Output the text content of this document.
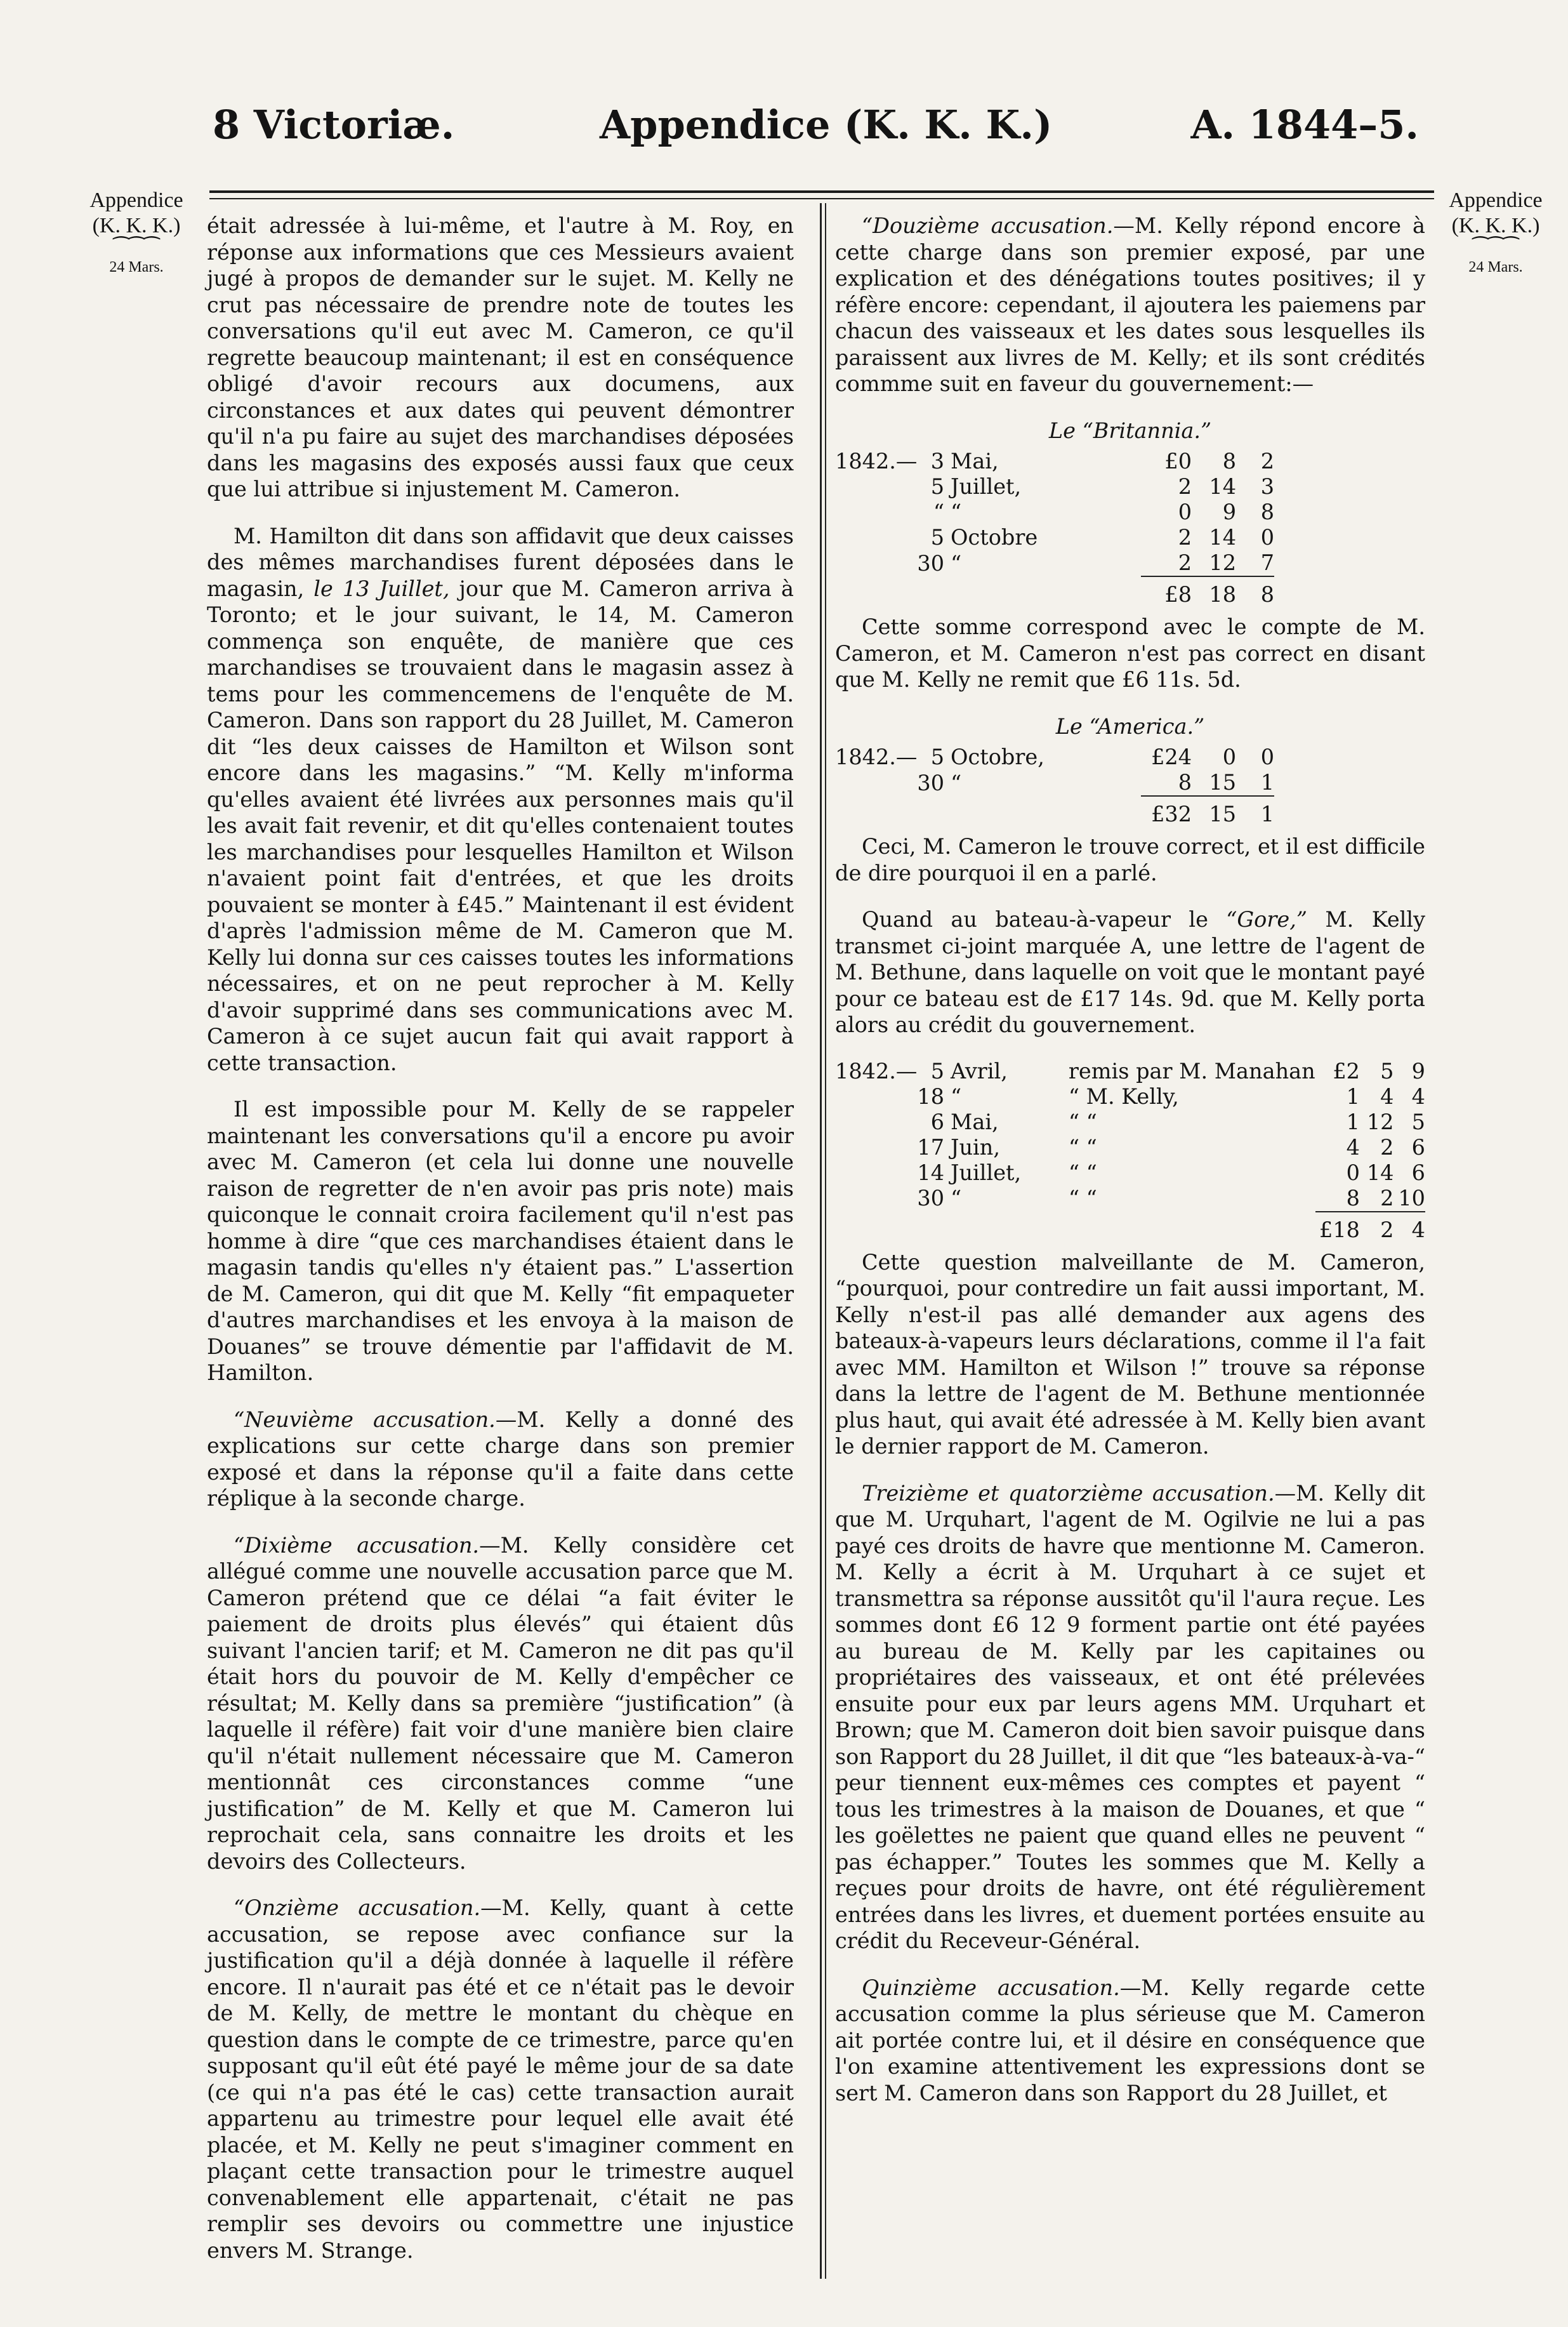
8 Victoriæ.	Appendice (K. K. K.)	A. 1844–5.
Appendice
(K. K. K.)
⁀⁀⁀
24 Mars.
Appendice
(K. K. K.)
⁀⁀⁀
24 Mars.

était adressée à lui-même, et l'autre à M. Roy, en réponse aux informations que ces Messieurs avaient jugé à propos de demander sur le sujet. M. Kelly ne crut pas nécessaire de prendre note de toutes les conversations qu'il eut avec M. Cameron, ce qu'il regrette beaucoup maintenant; il est en conséquence obligé d'avoir recours aux documens, aux circonstances et aux dates qui peuvent démontrer qu'il n'a pu faire au sujet des marchandises déposées dans les magasins des exposés aussi faux que ceux que lui attribue si injustement M. Cameron.

M. Hamilton dit dans son affidavit que deux caisses des mêmes marchandises furent déposées dans le magasin, le 13 Juillet, jour que M. Cameron arriva à Toronto; et le jour suivant, le 14, M. Cameron commença son enquête, de manière que ces marchandises se trouvaient dans le magasin assez à tems pour les commencemens de l'enquête de M. Cameron. Dans son rapport du 28 Juillet, M. Cameron dit “les deux caisses de Hamilton et Wilson sont encore dans les magasins.” “M. Kelly m'informa qu'elles avaient été livrées aux personnes mais qu'il les avait fait revenir, et dit qu'elles contenaient toutes les marchandises pour lesquelles Hamilton et Wilson n'avaient point fait d'entrées, et que les droits pouvaient se monter à £45.” Maintenant il est évident d'après l'admission même de M. Cameron que M. Kelly lui donna sur ces caisses toutes les informations nécessaires, et on ne peut reprocher à M. Kelly d'avoir supprimé dans ses communications avec M. Cameron à ce sujet aucun fait qui avait rapport à cette transaction.

Il est impossible pour M. Kelly de se rappeler maintenant les conversations qu'il a encore pu avoir avec M. Cameron (et cela lui donne une nouvelle raison de regretter de n'en avoir pas pris note) mais quiconque le connait croira facilement qu'il n'est pas homme à dire “que ces marchandises étaient dans le magasin tandis qu'elles n'y étaient pas.” L'assertion de M. Cameron, qui dit que M. Kelly “fit empaqueter d'autres marchandises et les envoya à la maison de Douanes” se trouve démentie par l'affidavit de M. Hamilton.

“Neuvième accusation.—M. Kelly a donné des explications sur cette charge dans son premier exposé et dans la réponse qu'il a faite dans cette réplique à la seconde charge.

“Dixième accusation.—M. Kelly considère cet allégué comme une nouvelle accusation parce que M. Cameron prétend que ce délai “a fait éviter le paiement de droits plus élevés” qui étaient dûs suivant l'ancien tarif; et M. Cameron ne dit pas qu'il était hors du pouvoir de M. Kelly d'empêcher ce résultat; M. Kelly dans sa première “justification” (à laquelle il réfère) fait voir d'une manière bien claire qu'il n'était nullement nécessaire que M. Cameron mentionnât ces circonstances comme “une justification” de M. Kelly et que M. Cameron lui reprochait cela, sans connaitre les droits et les devoirs des Collecteurs.

“Onzième accusation.—M. Kelly, quant à cette accusation, se repose avec confiance sur la justification qu'il a déjà donnée à laquelle il réfère encore. Il n'aurait pas été et ce n'était pas le devoir de M. Kelly, de mettre le montant du chèque en question dans le compte de ce trimestre, parce qu'en supposant qu'il eût été payé le même jour de sa date (ce qui n'a pas été le cas) cette transaction aurait appartenu au trimestre pour lequel elle avait été placée, et M. Kelly ne peut s'imaginer comment en plaçant cette transaction pour le trimestre auquel convenablement elle appartenait, c'était ne pas remplir ses devoirs ou commettre une injustice envers M. Strange.

“Douzième accusation.—M. Kelly répond encore à cette charge dans son premier exposé, par une explication et des dénégations toutes positives; il y réfère encore: cependant, il ajoutera les paiemens par chacun des vaisseaux et les dates sous lesquelles ils paraissent aux livres de M. Kelly; et ils sont crédités commme suit en faveur du gouvernement:—

Le “Britannia.”
1842.—	3	Mai,	£0	8	2
	5	Juillet,	2	14	3
	“	“	0	9	8
	5	Octobre	2	14	0
	30	“	2	12	7
			£8	18	8

Cette somme correspond avec le compte de M. Cameron, et M. Cameron n'est pas correct en disant que M. Kelly ne remit que £6 11s. 5d.

Le “America.”
1842.—	5	Octobre,	£24	0	0
	30	“	8	15	1
			£32	15	1

Ceci, M. Cameron le trouve correct, et il est difficile de dire pourquoi il en a parlé.

Quand au bateau-à-vapeur le “Gore,” M. Kelly transmet ci-joint marquée A, une lettre de l'agent de M. Bethune, dans laquelle on voit que le montant payé pour ce bateau est de £17 14s. 9d. que M. Kelly porta alors au crédit du gouvernement.

1842.—	5	Avril,	remis par M. Manahan	£2	5	9
	18	“	“ M. Kelly,	1	4	4
	6	Mai,	“ “	1	12	5
	17	Juin,	“ “	4	2	6
	14	Juillet,	“ “	0	14	6
	30	“	“ “	8	2	10
				£18	2	4

Cette question malveillante de M. Cameron, “pourquoi, pour contredire un fait aussi important, M. Kelly n'est-il pas allé demander aux agens des bateaux-à-vapeurs leurs déclarations, comme il l'a fait avec MM. Hamilton et Wilson !” trouve sa réponse dans la lettre de l'agent de M. Bethune mentionnée plus haut, qui avait été adressée à M. Kelly bien avant le dernier rapport de M. Cameron.

Treizième et quatorzième accusation.—M. Kelly dit que M. Urquhart, l'agent de M. Ogilvie ne lui a pas payé ces droits de havre que mentionne M. Cameron. M. Kelly a écrit à M. Urquhart à ce sujet et transmettra sa réponse aussitôt qu'il l'aura reçue. Les sommes dont £6 12 9 forment partie ont été payées au bureau de M. Kelly par les capitaines ou propriétaires des vaisseaux, et ont été prélevées ensuite pour eux par leurs agens MM. Urquhart et Brown; que M. Cameron doit bien savoir puisque dans son Rapport du 28 Juillet, il dit que “les bateaux-à-va-“ peur tiennent eux-mêmes ces comptes et payent “ tous les trimestres à la maison de Douanes, et que “ les goëlettes ne paient que quand elles ne peuvent “ pas échapper.” Toutes les sommes que M. Kelly a reçues pour droits de havre, ont été régulièrement entrées dans les livres, et duement portées ensuite au crédit du Receveur-Général.

Quinzième accusation.—M. Kelly regarde cette accusation comme la plus sérieuse que M. Cameron ait portée contre lui, et il désire en conséquence que l'on examine attentivement les expressions dont se sert M. Cameron dans son Rapport du 28 Juillet, et
